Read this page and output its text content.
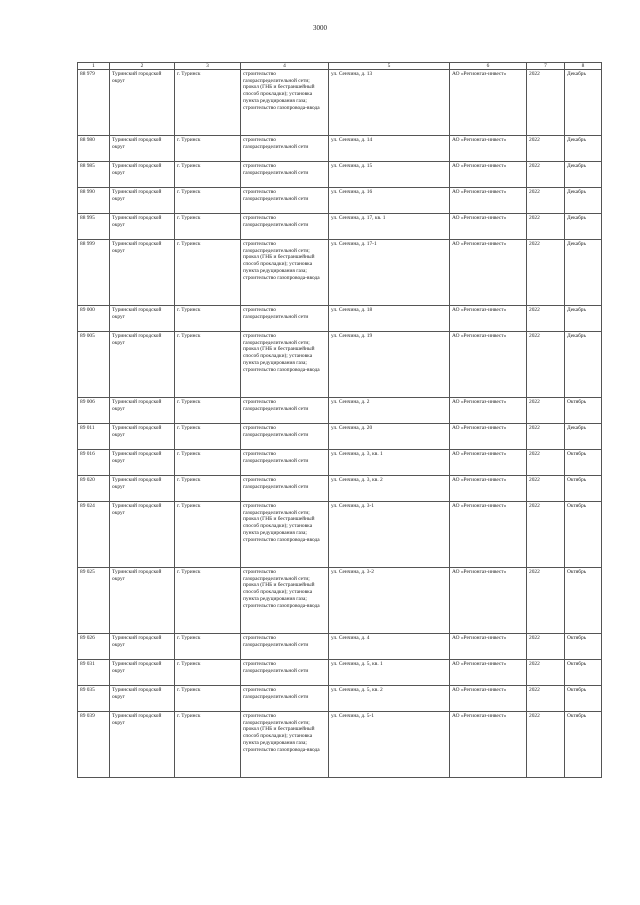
3000
1	2	3	4	5	6	7	8
88 979	Туринский городской округ	г. Туринск	строительство газораспределительной сети; прокол (ГНБ и бестраншейный способ прокладки); установка пункта редуцирования газа; строительство газопровода-ввода	ул. Сенчина, д. 13	АО «Регионгаз-инвест»	2022	Декабрь
88 980	Туринский городской округ	г. Туринск	строительство газораспределительной сети	ул. Сенчина, д. 14	АО «Регионгаз-инвест»	2022	Декабрь
88 985	Туринский городской округ	г. Туринск	строительство газораспределительной сети	ул. Сенчина, д. 15	АО «Регионгаз-инвест»	2022	Декабрь
88 990	Туринский городской округ	г. Туринск	строительство газораспределительной сети	ул. Сенчина, д. 16	АО «Регионгаз-инвест»	2022	Декабрь
88 995	Туринский городской округ	г. Туринск	строительство газораспределительной сети	ул. Сенчина, д. 17, кв. 1	АО «Регионгаз-инвест»	2022	Декабрь
88 999	Туринский городской округ	г. Туринск	строительство газораспределительной сети; прокол (ГНБ и бестраншейный способ прокладки); установка пункта редуцирования газа; строительство газопровода-ввода	ул. Сенчина, д. 17-1	АО «Регионгаз-инвест»	2022	Декабрь
89 000	Туринский городской округ	г. Туринск	строительство газораспределительной сети	ул. Сенчина, д. 18	АО «Регионгаз-инвест»	2022	Декабрь
89 005	Туринский городской округ	г. Туринск	строительство газораспределительной сети; прокол (ГНБ и бестраншейный способ прокладки); установка пункта редуцирования газа; строительство газопровода-ввода	ул. Сенчина, д. 19	АО «Регионгаз-инвест»	2022	Декабрь
89 006	Туринский городской округ	г. Туринск	строительство газораспределительной сети	ул. Сенчина, д. 2	АО «Регионгаз-инвест»	2022	Октябрь
89 011	Туринский городской округ	г. Туринск	строительство газораспределительной сети	ул. Сенчина, д. 20	АО «Регионгаз-инвест»	2022	Декабрь
89 016	Туринский городской округ	г. Туринск	строительство газораспределительной сети	ул. Сенчина, д. 3, кв. 1	АО «Регионгаз-инвест»	2022	Октябрь
89 020	Туринский городской округ	г. Туринск	строительство газораспределительной сети	ул. Сенчина, д. 3, кв. 2	АО «Регионгаз-инвест»	2022	Октябрь
89 024	Туринский городской округ	г. Туринск	строительство газораспределительной сети; прокол (ГНБ и бестраншейный способ прокладки); установка пункта редуцирования газа; строительство газопровода-ввода	ул. Сенчина, д. 3-1	АО «Регионгаз-инвест»	2022	Октябрь
89 025	Туринский городской округ	г. Туринск	строительство газораспределительной сети; прокол (ГНБ и бестраншейный способ прокладки); установка пункта редуцирования газа; строительство газопровода-ввода	ул. Сенчина, д. 3-2	АО «Регионгаз-инвест»	2022	Октябрь
89 026	Туринский городской округ	г. Туринск	строительство газораспределительной сети	ул. Сенчина, д. 4	АО «Регионгаз-инвест»	2022	Октябрь
89 031	Туринский городской округ	г. Туринск	строительство газораспределительной сети	ул. Сенчина, д. 5, кв. 1	АО «Регионгаз-инвест»	2022	Октябрь
89 035	Туринский городской округ	г. Туринск	строительство газораспределительной сети	ул. Сенчина, д. 5, кв. 2	АО «Регионгаз-инвест»	2022	Октябрь
89 039	Туринский городской округ	г. Туринск	строительство газораспределительной сети; прокол (ГНБ и бестраншейный способ прокладки); установка пункта редуцирования газа; строительство газопровода-ввода	ул. Сенчина, д. 5-1	АО «Регионгаз-инвест»	2022	Октябрь
